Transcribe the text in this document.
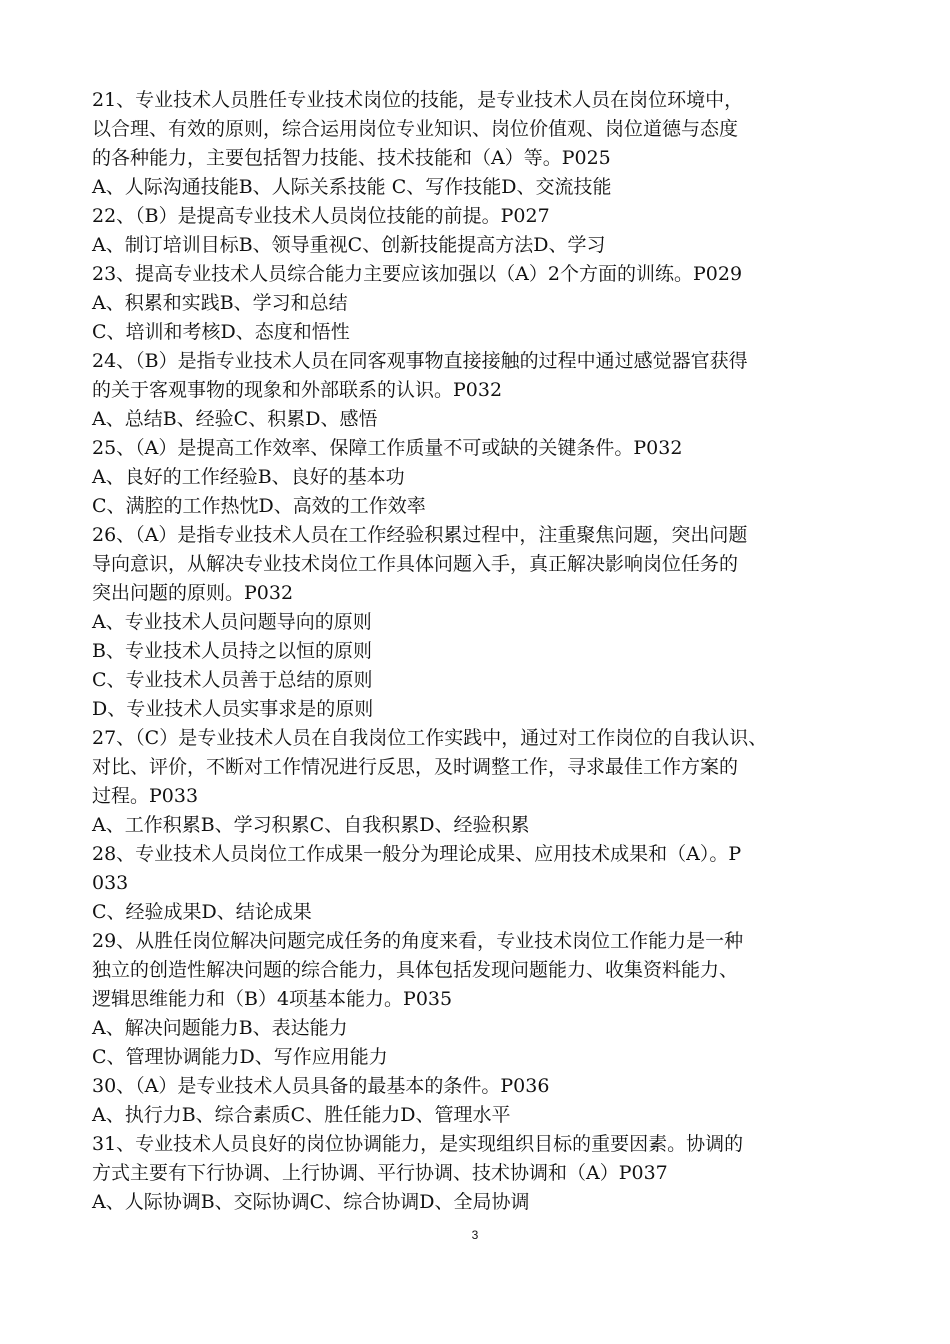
21、专业技术人员胜任专业技术岗位的技能，是专业技术人员在岗位环境中，

以合理、有效的原则，综合运用岗位专业知识、岗位价值观、岗位道德与态度

的各种能力，主要包括智力技能、技术技能和（A）等。P025

A、人际沟通技能B、人际关系技能 C、写作技能D、交流技能

22、（B）是提高专业技术人员岗位技能的前提。P027

A、制订培训目标B、领导重视C、创新技能提高方法D、学习

23、提高专业技术人员综合能力主要应该加强以（A）2个方面的训练。P029

A、积累和实践B、学习和总结

C、培训和考核D、态度和悟性

24、（B）是指专业技术人员在同客观事物直接接触的过程中通过感觉器官获得

的关于客观事物的现象和外部联系的认识。P032

A、总结B、经验C、积累D、感悟

25、（A）是提高工作效率、保障工作质量不可或缺的关键条件。P032

A、良好的工作经验B、良好的基本功

C、满腔的工作热忱D、高效的工作效率

26、（A）是指专业技术人员在工作经验积累过程中，注重聚焦问题，突出问题

导向意识，从解决专业技术岗位工作具体问题入手，真正解决影响岗位任务的

突出问题的原则。P032

A、专业技术人员问题导向的原则

B、专业技术人员持之以恒的原则

C、专业技术人员善于总结的原则

D、专业技术人员实事求是的原则

27、（C）是专业技术人员在自我岗位工作实践中，通过对工作岗位的自我认识、

对比、评价，不断对工作情况进行反思，及时调整工作，寻求最佳工作方案的

过程。P033

A、工作积累B、学习积累C、自我积累D、经验积累

28、专业技术人员岗位工作成果一般分为理论成果、应用技术成果和（A）。P

033

C、经验成果D、结论成果

29、从胜任岗位解决问题完成任务的角度来看，专业技术岗位工作能力是一种

独立的创造性解决问题的综合能力，具体包括发现问题能力、收集资料能力、

逻辑思维能力和（B）4项基本能力。P035

A、解决问题能力B、表达能力

C、管理协调能力D、写作应用能力

30、（A）是专业技术人员具备的最基本的条件。P036

A、执行力B、综合素质C、胜任能力D、管理水平

31、专业技术人员良好的岗位协调能力，是实现组织目标的重要因素。协调的

方式主要有下行协调、上行协调、平行协调、技术协调和（A）P037

A、人际协调B、交际协调C、综合协调D、全局协调

3
